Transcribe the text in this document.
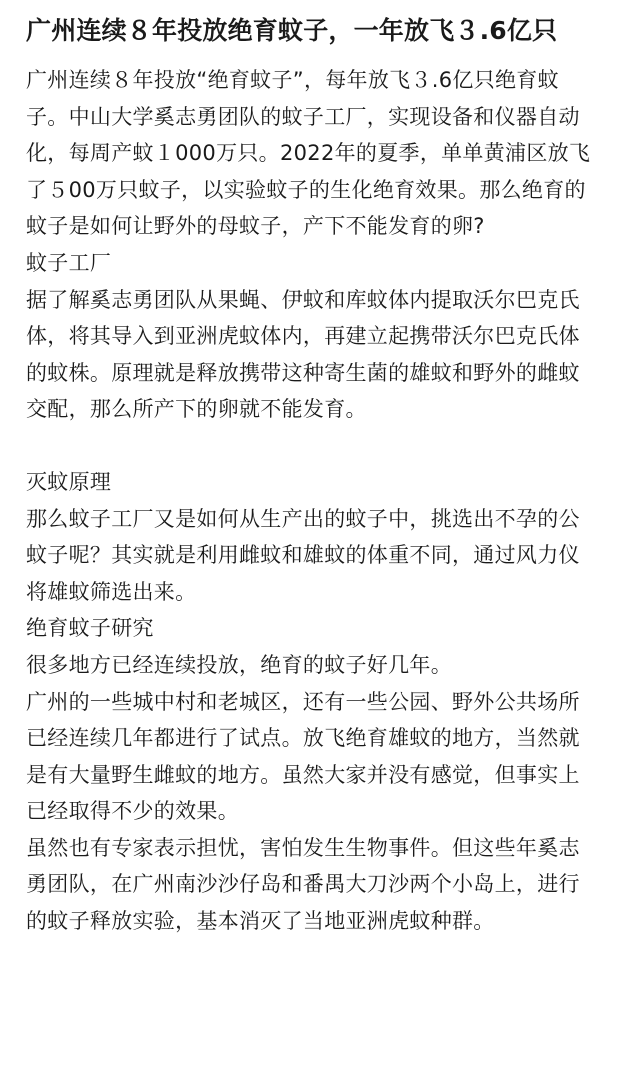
广州连续８年投放绝育蚊子，一年放飞３.6亿只

广州连续８年投放“绝育蚊子”，每年放飞３.6亿只绝育蚊子。中山大学奚志勇团队的蚊子工厂，实现设备和仪器自动化，每周产蚊１000万只。2022年的夏季，单单黄浦区放飞了５00万只蚊子，以实验蚊子的生化绝育效果。那么绝育的蚊子是如何让野外的母蚊子，产下不能发育的卵?

蚊子工厂

据了解奚志勇团队从果蝇、伊蚊和库蚊体内提取沃尔巴克氏体，将其导入到亚洲虎蚊体内，再建立起携带沃尔巴克氏体的蚊株。原理就是释放携带这种寄生菌的雄蚊和野外的雌蚊交配，那么所产下的卵就不能发育。

灭蚊原理

那么蚊子工厂又是如何从生产出的蚊子中，挑选出不孕的公蚊子呢？其实就是利用雌蚊和雄蚊的体重不同，通过风力仪将雄蚊筛选出来。

绝育蚊子研究

很多地方已经连续投放，绝育的蚊子好几年。

广州的一些城中村和老城区，还有一些公园、野外公共场所已经连续几年都进行了试点。放飞绝育雄蚊的地方，当然就是有大量野生雌蚊的地方。虽然大家并没有感觉，但事实上已经取得不少的效果。

虽然也有专家表示担忧，害怕发生生物事件。但这些年奚志勇团队，在广州南沙沙仔岛和番禺大刀沙两个小岛上，进行的蚊子释放实验，基本消灭了当地亚洲虎蚊种群。
